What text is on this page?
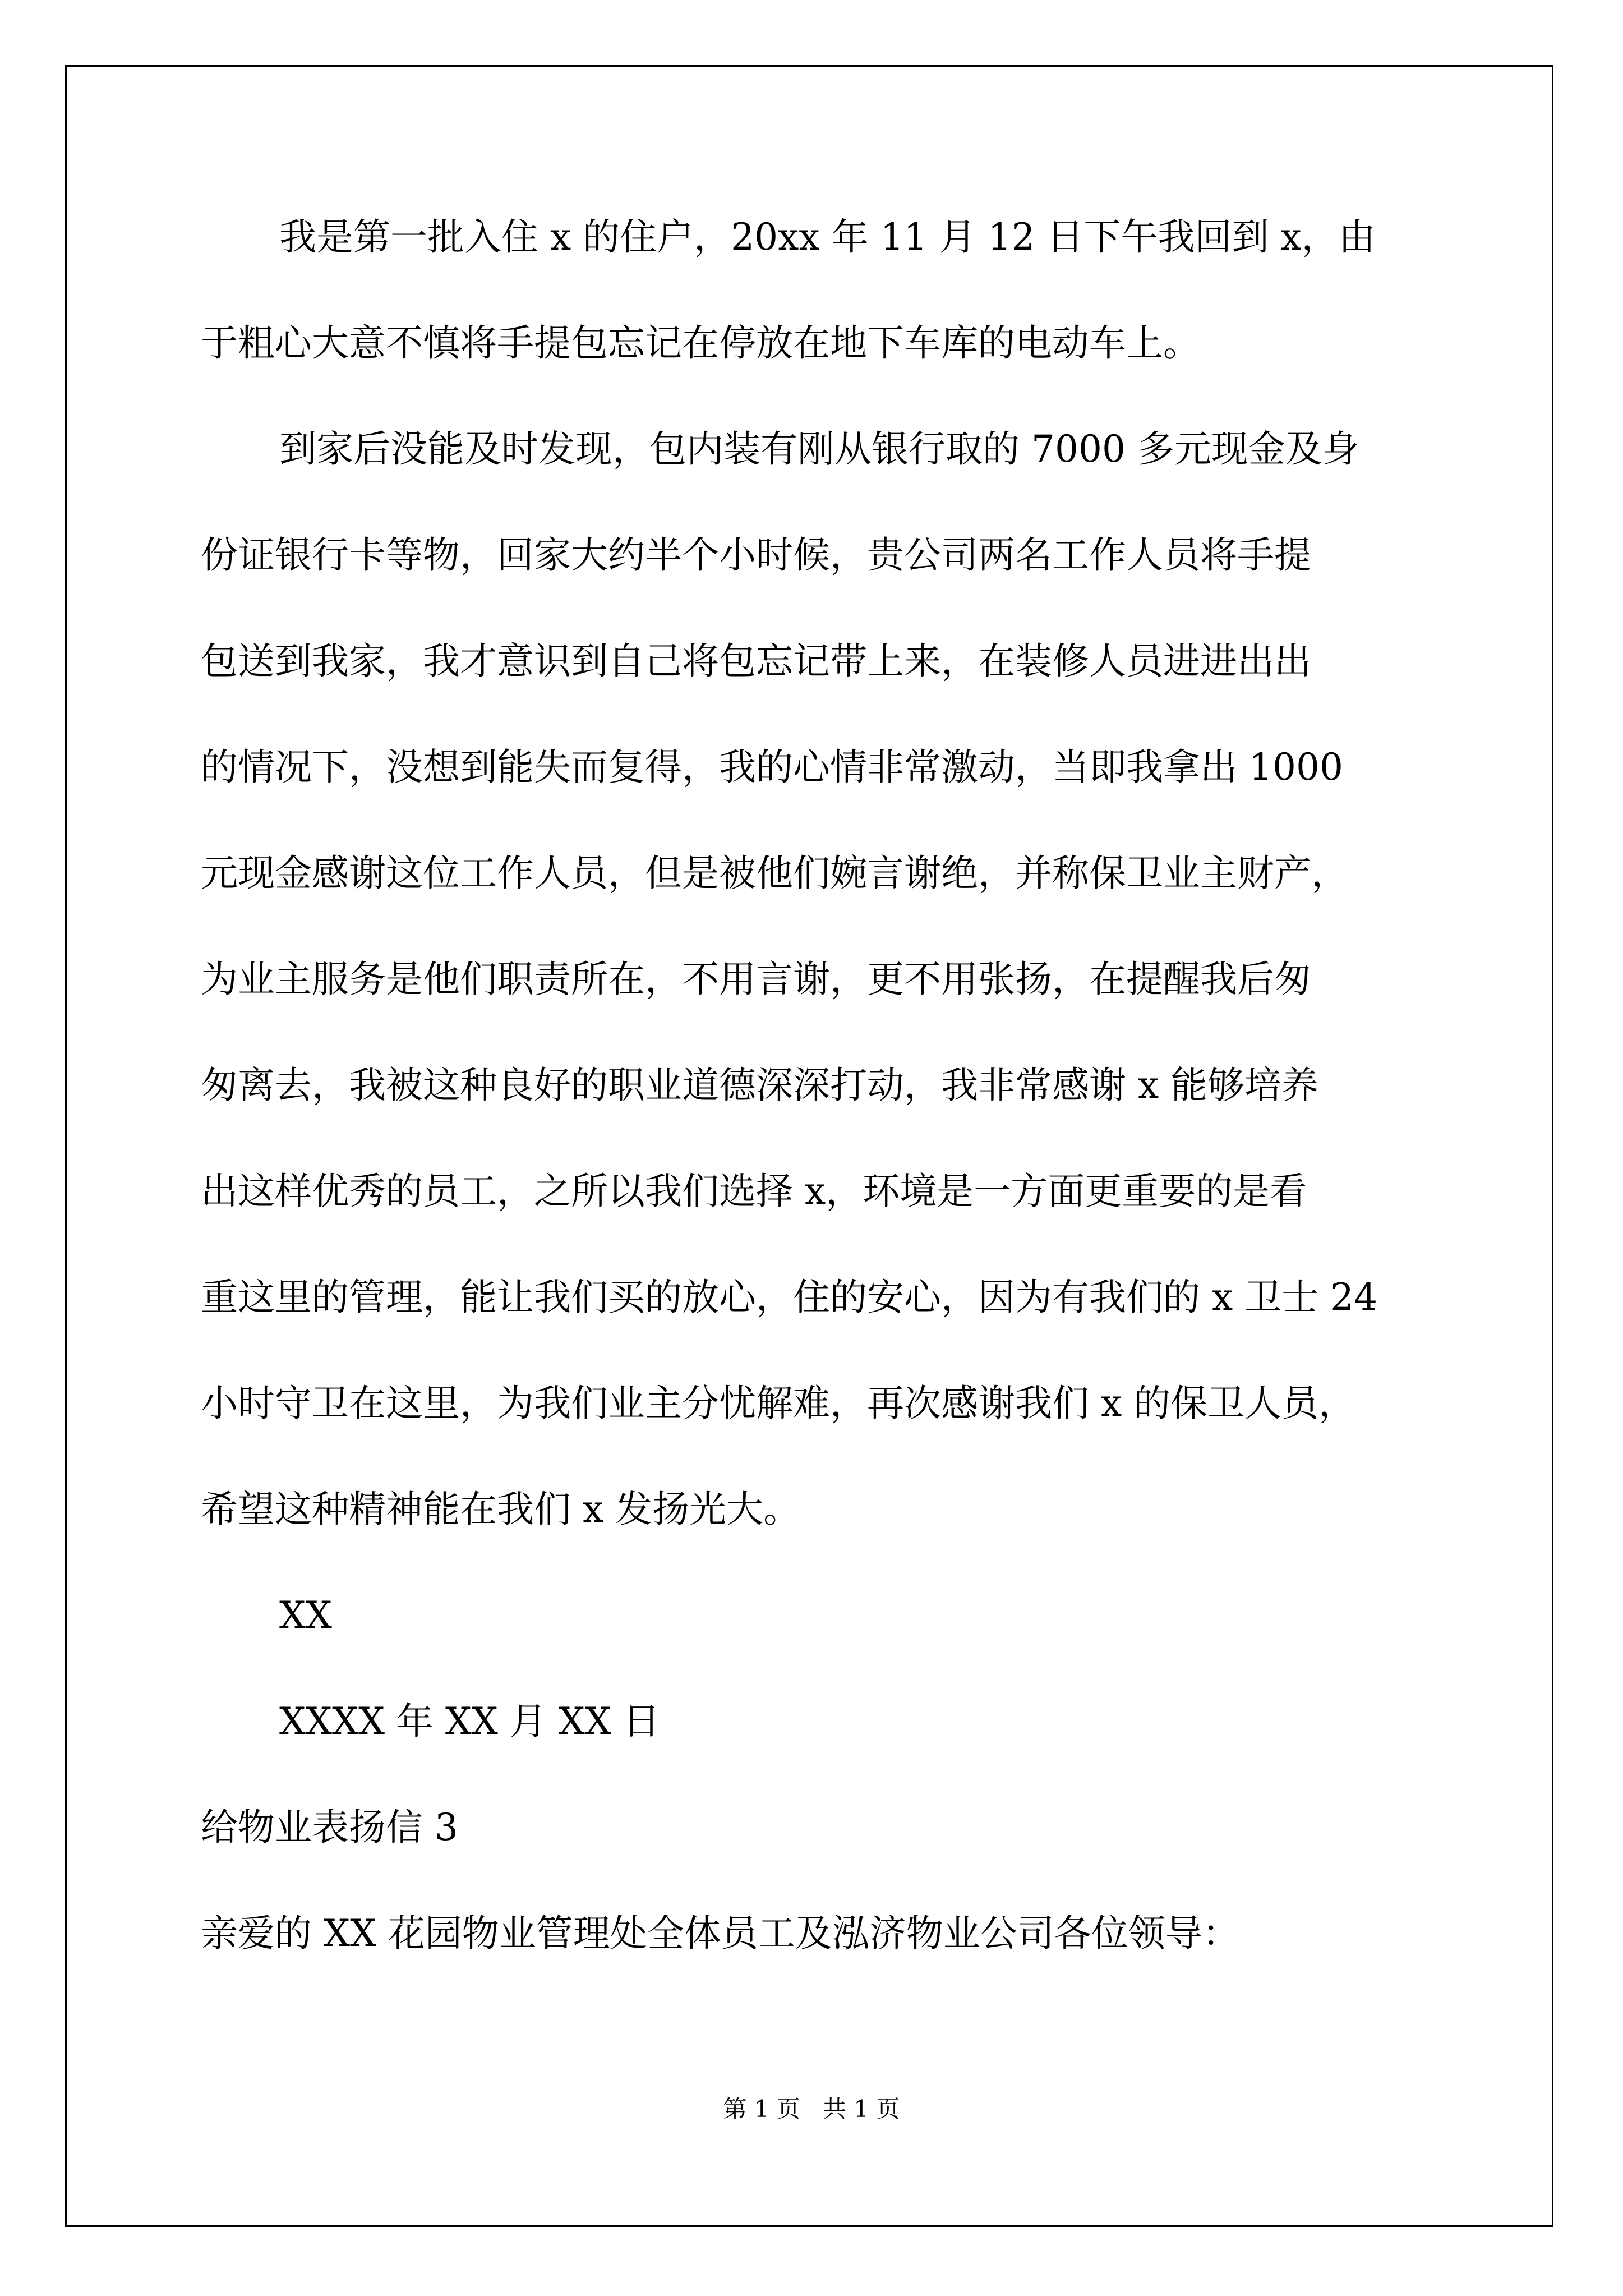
我是第一批入住 x 的住户，20xx 年 11 月 12 日下午我回到 x，由
于粗心大意不慎将手提包忘记在停放在地下车库的电动车上。
到家后没能及时发现，包内装有刚从银行取的 7000 多元现金及身
份证银行卡等物，回家大约半个小时候，贵公司两名工作人员将手提
包送到我家，我才意识到自己将包忘记带上来，在装修人员进进出出
的情况下，没想到能失而复得，我的心情非常激动，当即我拿出 1000
元现金感谢这位工作人员，但是被他们婉言谢绝，并称保卫业主财产，
为业主服务是他们职责所在，不用言谢，更不用张扬，在提醒我后匆
匆离去，我被这种良好的职业道德深深打动，我非常感谢 x 能够培养
出这样优秀的员工，之所以我们选择 x，环境是一方面更重要的是看
重这里的管理，能让我们买的放心，住的安心，因为有我们的 x 卫士 24
小时守卫在这里，为我们业主分忧解难，再次感谢我们 x 的保卫人员，
希望这种精神能在我们 x 发扬光大。
XX
XXXX 年 XX 月 XX 日
给物业表扬信 3
亲爱的 XX 花园物业管理处全体员工及泓济物业公司各位领导：
第 1 页   共 1 页
